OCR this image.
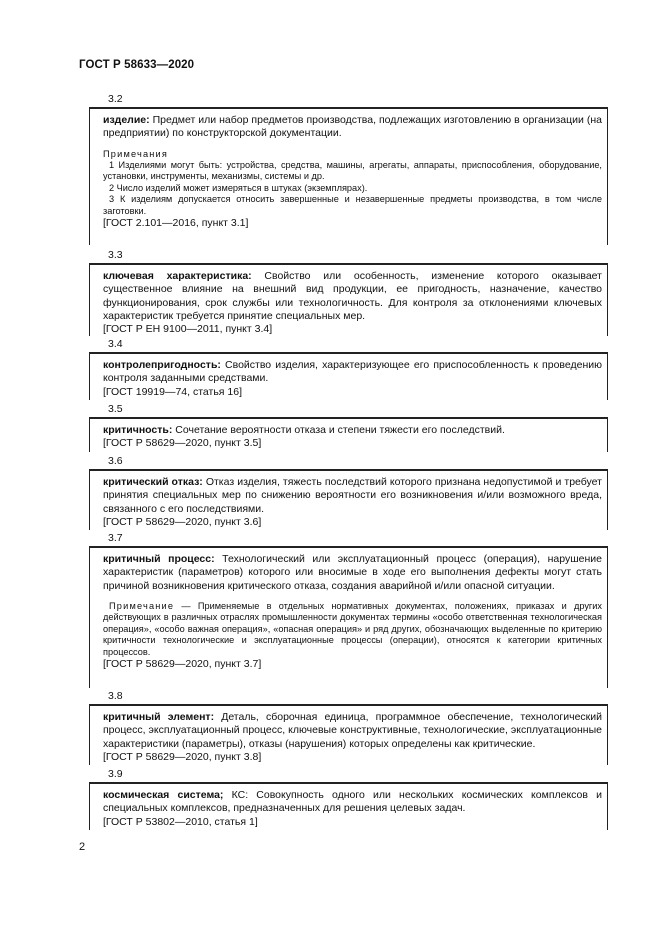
ГОСТ Р 58633—2020
3.2

изделие: Предмет или набор предметов производства, подлежащих изготовлению в организации (на предприятии) по конструкторской документации.

Примечания

1 Изделиями могут быть: устройства, средства, машины, агрегаты, аппараты, приспособления, оборудование, установки, инструменты, механизмы, системы и др.

2 Число изделий может измеряться в штуках (экземплярах).

3 К изделиям допускается относить завершенные и незавершенные предметы производства, в том числе заготовки.

[ГОСТ 2.101—2016, пункт 3.1]

3.3

ключевая характеристика: Свойство или особенность, изменение которого оказывает существенное влияние на внешний вид продукции, ее пригодность, назначение, качество функционирования, срок службы или технологичность. Для контроля за отклонениями ключевых характеристик требуется принятие специальных мер.

[ГОСТ Р ЕН 9100—2011, пункт 3.4]

3.4

контролепригодность: Свойство изделия, характеризующее его приспособленность к проведению контроля заданными средствами.

[ГОСТ 19919—74, статья 16]

3.5

критичность: Сочетание вероятности отказа и степени тяжести его последствий.

[ГОСТ Р 58629—2020, пункт 3.5]

3.6

критический отказ: Отказ изделия, тяжесть последствий которого признана недопустимой и требует принятия специальных мер по снижению вероятности его возникновения и/или возможного вреда, связанного с его последствиями.

[ГОСТ Р 58629—2020, пункт 3.6]

3.7

критичный процесс: Технологический или эксплуатационный процесс (операция), нарушение характеристик (параметров) которого или вносимые в ходе его выполнения дефекты могут стать причиной возникновения критического отказа, создания аварийной и/или опасной ситуации.

Примечание — Применяемые в отдельных нормативных документах, положениях, приказах и других действующих в различных отраслях промышленности документах термины «особо ответственная технологическая операция», «особо важная операция», «опасная операция» и ряд других, обозначающих выделенные по критерию критичности технологические и эксплуатационные процессы (операции), относятся к категории критичных процессов.

[ГОСТ Р 58629—2020, пункт 3.7]

3.8

критичный элемент: Деталь, сборочная единица, программное обеспечение, технологический процесс, эксплуатационный процесс, ключевые конструктивные, технологические, эксплуатационные характеристики (параметры), отказы (нарушения) которых определены как критические.

[ГОСТ Р 58629—2020, пункт 3.8]

3.9

космическая система; КС: Совокупность одного или нескольких космических комплексов и специальных комплексов, предназначенных для решения целевых задач.

[ГОСТ Р 53802—2010, статья 1]

2
